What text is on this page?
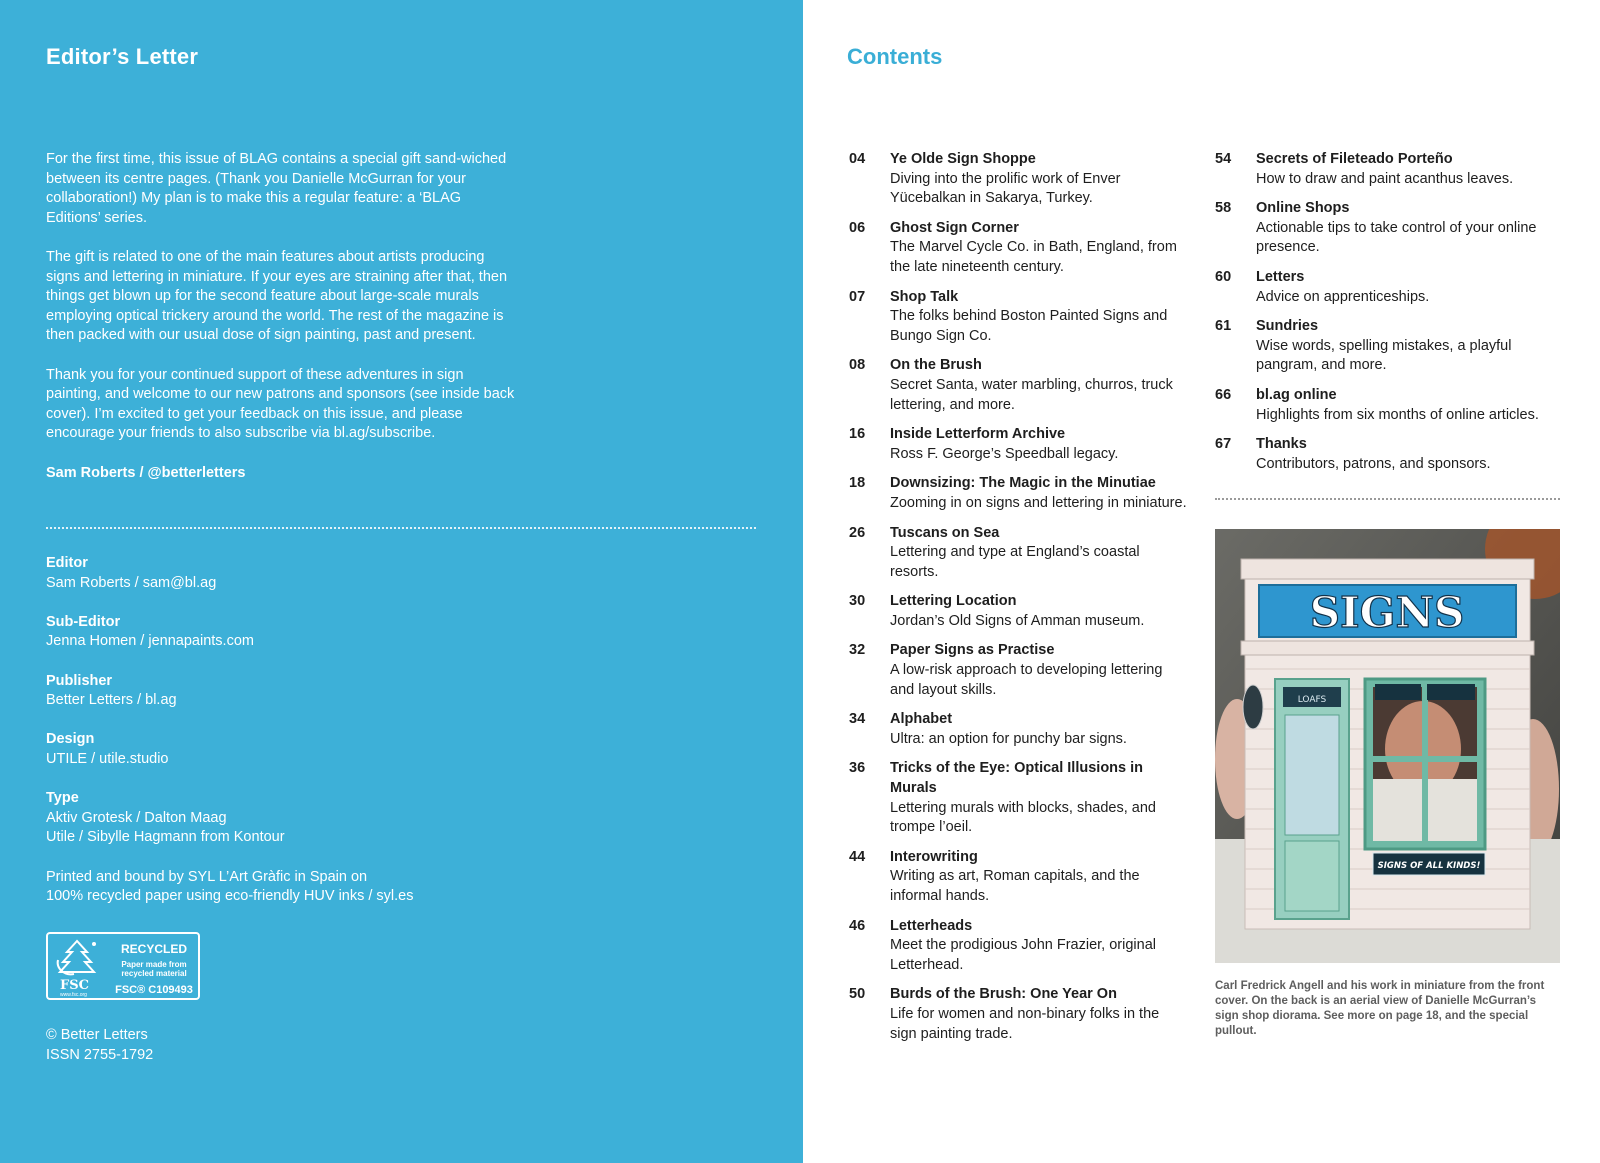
Editor’s Letter

For the first time, this issue of BLAG contains a special gift sand-wiched between its centre pages. (Thank you Danielle McGurran for your collaboration!) My plan is to make this a regular feature: a ‘BLAG Editions’ series.

The gift is related to one of the main features about artists producing signs and lettering in miniature. If your eyes are straining after that, then things get blown up for the second feature about large-scale murals employing optical trickery around the world. The rest of the magazine is then packed with our usual dose of sign painting, past and present.

Thank you for your continued support of these adventures in sign painting, and welcome to our new patrons and sponsors (see inside back cover). I’m excited to get your feedback on this issue, and please encourage your friends to also subscribe via bl.ag/subscribe.

Sam Roberts / @betterletters

Editor
Sam Roberts / sam@bl.ag
Sub-Editor
Jenna Homen / jennapaints.com
Publisher
Better Letters / bl.ag
Design
UTILE / utile.studio
Type
Aktiv Grotesk / Dalton Maag
Utile / Sibylle Hagmann from Kontour
Printed and bound by SYL L’Art Gràfic in Spain on
100% recycled paper using eco-friendly HUV inks / syl.es
FSC
www.fsc.org
RECYCLED
Paper made from
recycled material
FSC® C109493
© Better Letters
ISSN 2755-1792
Contents
04	Ye Olde Sign Shoppe
Diving into the prolific work of Enver Yücebalkan in Sakarya, Turkey.
06	Ghost Sign Corner
The Marvel Cycle Co. in Bath, England, from the late nineteenth century.
07	Shop Talk
The folks behind Boston Painted Signs and Bungo Sign Co.
08	On the Brush
Secret Santa, water marbling, churros, truck lettering, and more.
16	Inside Letterform Archive
Ross F. George’s Speedball legacy.
18	Downsizing: The Magic in the Minutiae
Zooming in on signs and lettering in miniature.
26	Tuscans on Sea
Lettering and type at England’s coastal resorts.
30	Lettering Location
Jordan’s Old Signs of Amman museum.
32	Paper Signs as Practise
A low-risk approach to developing lettering and layout skills.
34	Alphabet
Ultra: an option for punchy bar signs.
36	Tricks of the Eye: Optical Illusions in Murals
Lettering murals with blocks, shades, and trompe l’oeil.
44	Interowriting
Writing as art, Roman capitals, and the informal hands.
46	Letterheads
Meet the prodigious John Frazier, original Letterhead.
50	Burds of the Brush: One Year On
Life for women and non-binary folks in the sign painting trade.
54	Secrets of Fileteado Porteño
How to draw and paint acanthus leaves.
58	Online Shops
Actionable tips to take control of your online presence.
60	Letters
Advice on apprenticeships.
61	Sundries
Wise words, spelling mistakes, a playful pangram, and more.
66	bl.ag online
Highlights from six months of online articles.
67	Thanks
Contributors, patrons, and sponsors.
SIGNS
LOAFS
SIGNS OF ALL KINDS!
Carl Fredrick Angell and his work in miniature from the front cover. On the back is an aerial view of Danielle McGurran’s sign shop diorama. See more on page 18, and the special pullout.
